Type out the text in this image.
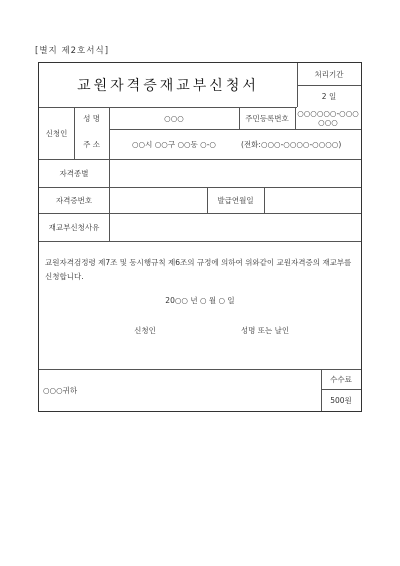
[별지 제2호서식]
교원자격증재교부신청서
처리기간
2 일
신청인
성 명	○○○	주민등록번호	○○○○○○-○○○○○○
주 소	○○시 ○○구 ○○동 ○-○	(전화:○○○-○○○○-○○○○)
자격종별
자격증번호	발급연월일
재교부신청사유
교원자격검정령 제7조 및 동시행규칙 제6조의 규정에 의하여 위와같이 교원자격증의 재교부를 신청합니다.
20○○ 년 ○ 월 ○ 일
신청인	성명 또는 날인
○○○귀하
수수료
500원
